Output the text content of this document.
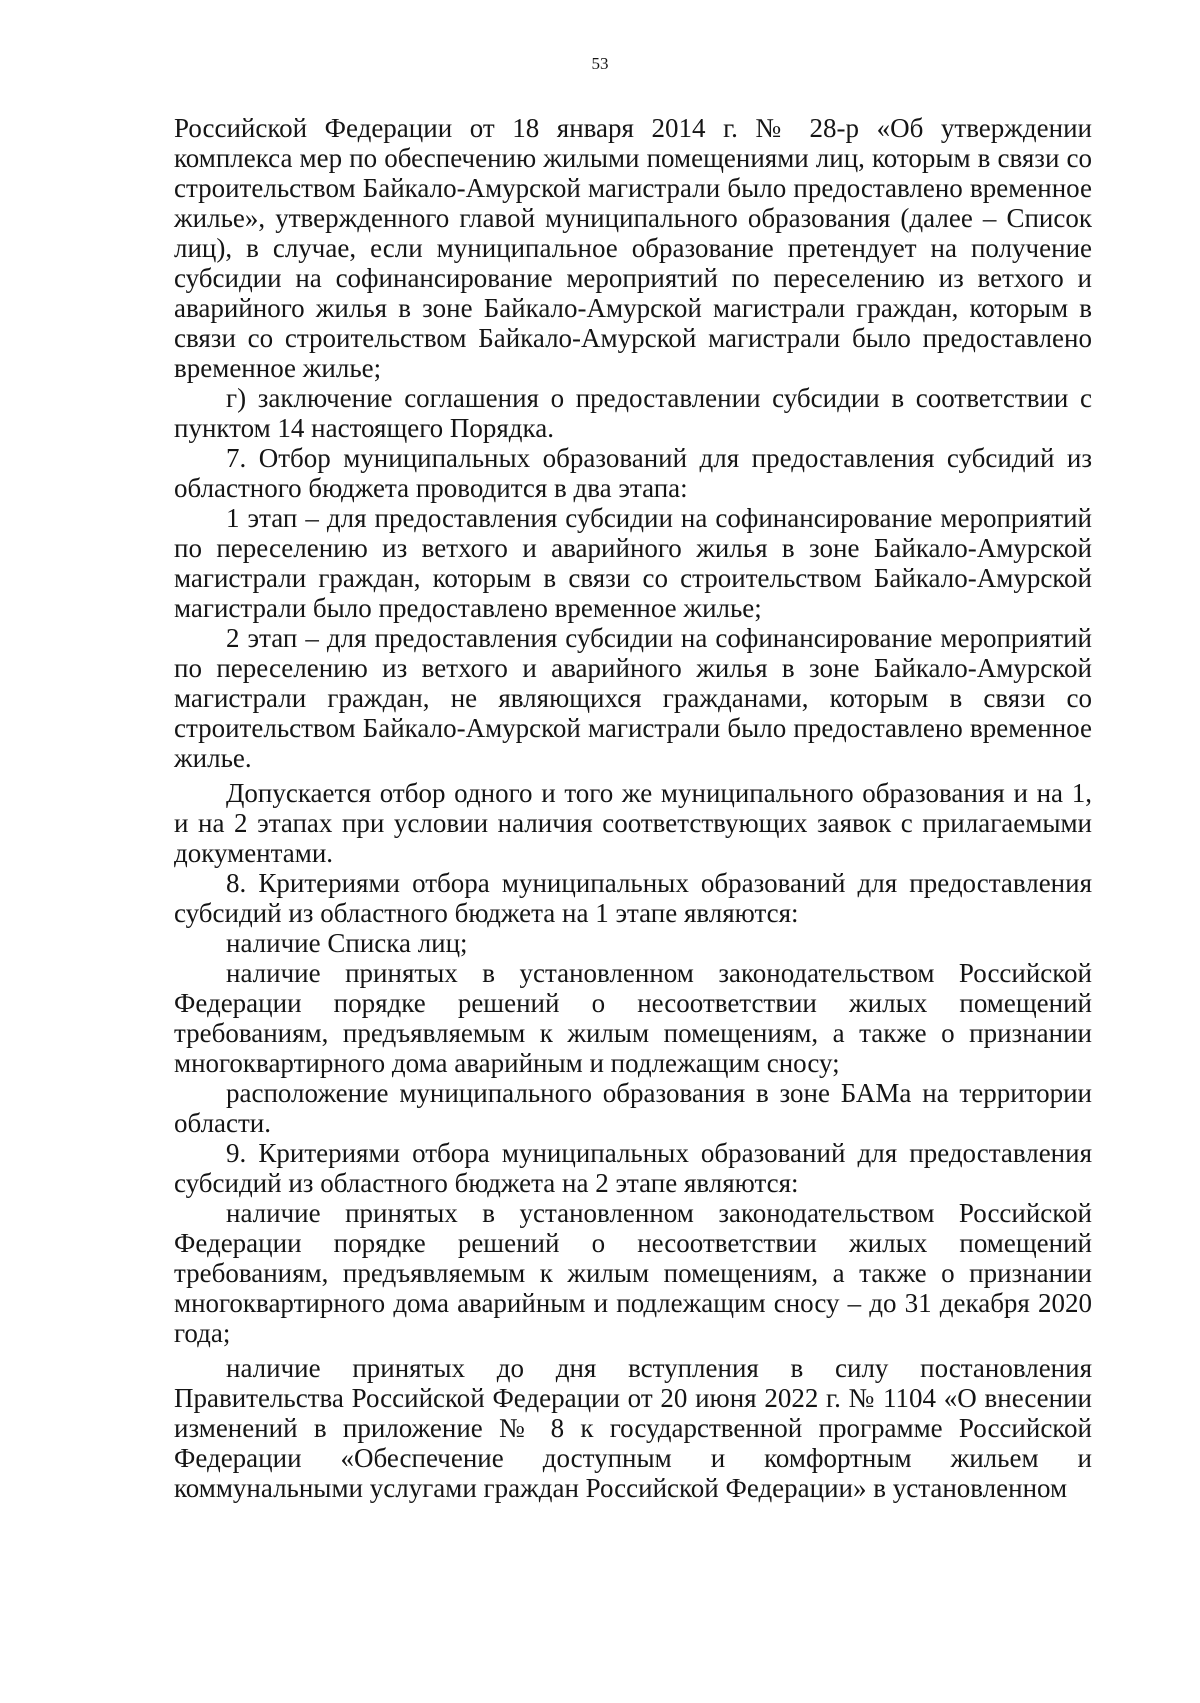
53

Российской Федерации от 18 января 2014 г. № 28-р «Об утверждении комплекса мер по обеспечению жилыми помещениями лиц, которым в связи со строительством Байкало-Амурской магистрали было предоставлено временное жилье», утвержденного главой муниципального образования (далее – Список лиц), в случае, если муниципальное образование претендует на получение субсидии на софинансирование мероприятий по переселению из ветхого и аварийного жилья в зоне Байкало-Амурской магистрали граждан, которым в связи со строительством Байкало-Амурской магистрали было предоставлено временное жилье;

г) заключение соглашения о предоставлении субсидии в соответствии с пунктом 14 настоящего Порядка.

7. Отбор муниципальных образований для предоставления субсидий из областного бюджета проводится в два этапа:

1 этап – для предоставления субсидии на софинансирование мероприятий по переселению из ветхого и аварийного жилья в зоне Байкало-Амурской магистрали граждан, которым в связи со строительством Байкало-Амурской магистрали было предоставлено временное жилье;

2 этап – для предоставления субсидии на софинансирование мероприятий по переселению из ветхого и аварийного жилья в зоне Байкало-Амурской магистрали граждан, не являющихся гражданами, которым в связи со строительством Байкало-Амурской магистрали было предоставлено временное жилье.

Допускается отбор одного и того же муниципального образования и на 1, и на 2 этапах при условии наличия соответствующих заявок с прилагаемыми документами.

8. Критериями отбора муниципальных образований для предоставления субсидий из областного бюджета на 1 этапе являются:

наличие Списка лиц;

наличие принятых в установленном законодательством Российской Федерации порядке решений о несоответствии жилых помещений требованиям, предъявляемым к жилым помещениям, а также о признании многоквартирного дома аварийным и подлежащим сносу;

расположение муниципального образования в зоне БАМа на территории области.

9. Критериями отбора муниципальных образований для предоставления субсидий из областного бюджета на 2 этапе являются:

наличие принятых в установленном законодательством Российской Федерации порядке решений о несоответствии жилых помещений требованиям, предъявляемым к жилым помещениям, а также о признании многоквартирного дома аварийным и подлежащим сносу – до 31 декабря 2020 года;

наличие принятых до дня вступления в силу постановления Правительства Российской Федерации от 20 июня 2022 г. № 1104 «О внесении изменений в приложение № 8 к государственной программе Российской Федерации «Обеспечение доступным и комфортным жильем и коммунальными услугами граждан Российской Федерации» в установленном
